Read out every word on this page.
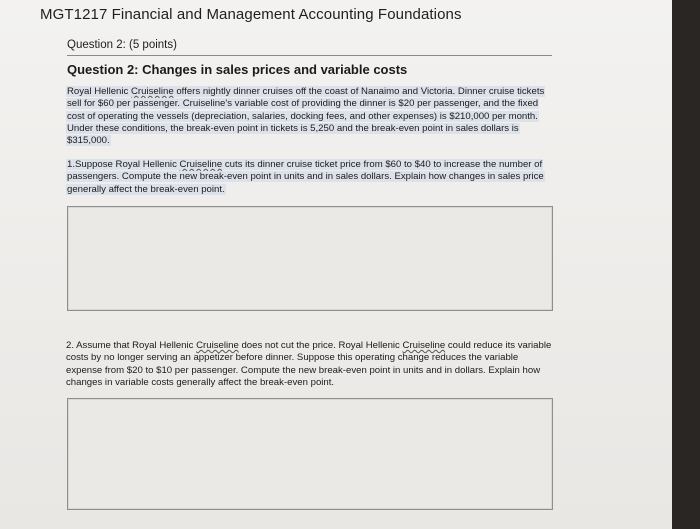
MGT1217 Financial and Management Accounting Foundations
Question 2: (5 points)
Question 2: Changes in sales prices and variable costs
Royal Hellenic Cruiseline offers nightly dinner cruises off the coast of Nanaimo and Victoria. Dinner cruise tickets sell for $60 per passenger. Cruiseline's variable cost of providing the dinner is $20 per passenger, and the fixed cost of operating the vessels (depreciation, salaries, docking fees, and other expenses) is $210,000 per month. Under these conditions, the break-even point in tickets is 5,250 and the break-even point in sales dollars is $315,000.
1.Suppose Royal Hellenic Cruiseline cuts its dinner cruise ticket price from $60 to $40 to increase the number of passengers. Compute the new break-even point in units and in sales dollars. Explain how changes in sales price generally affect the break-even point.
2. Assume that Royal Hellenic Cruiseline does not cut the price. Royal Hellenic Cruiseline could reduce its variable costs by no longer serving an appetizer before dinner. Suppose this operating change reduces the variable expense from $20 to $10 per passenger. Compute the new break-even point in units and in dollars. Explain how changes in variable costs generally affect the break-even point.
